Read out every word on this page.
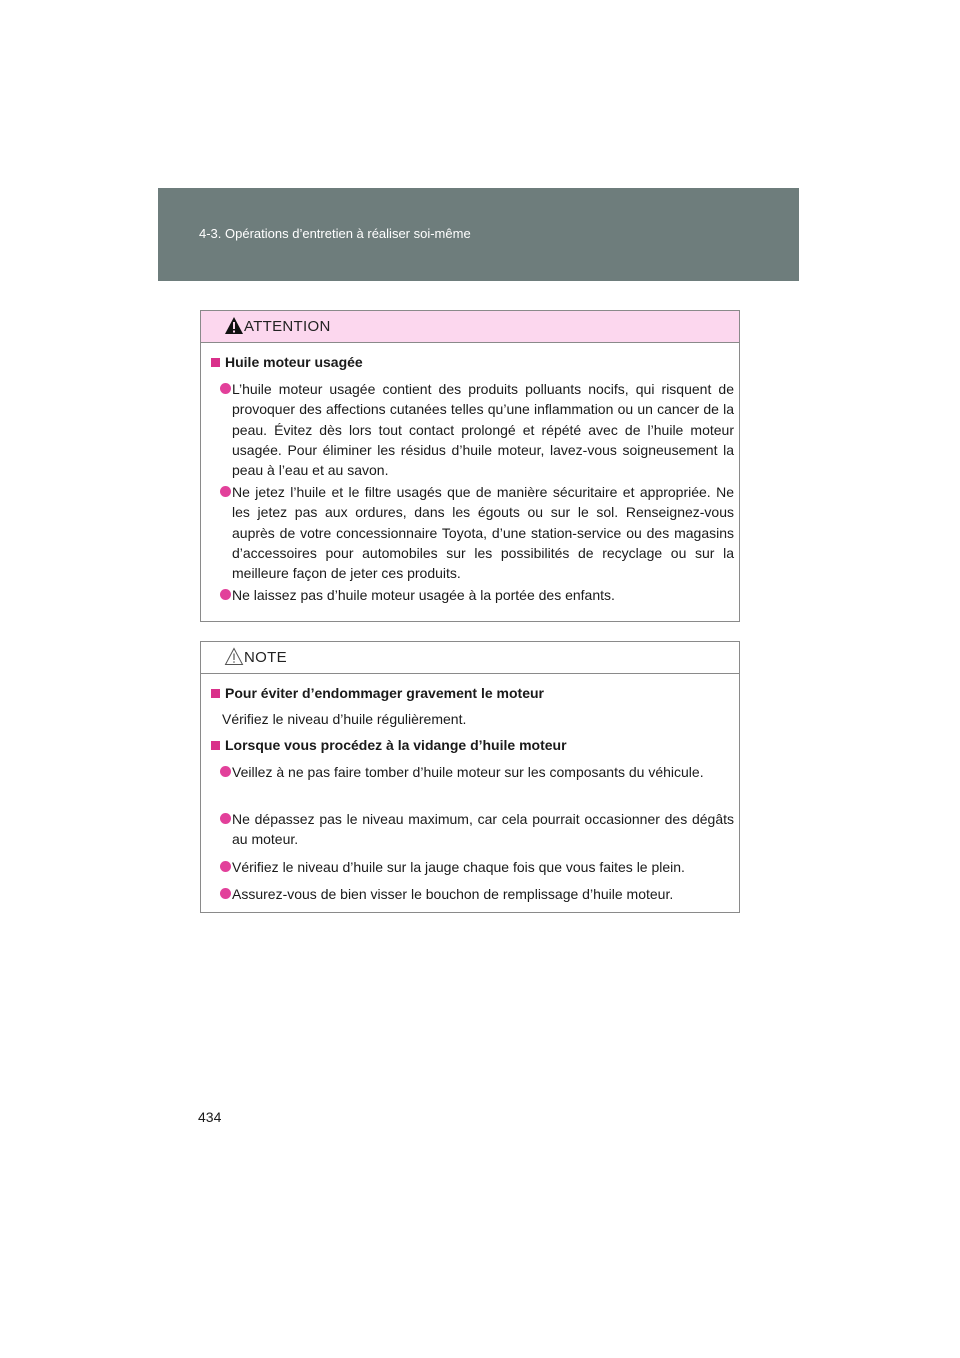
4-3. Opérations d’entretien à réaliser soi-même
ATTENTION
Huile moteur usagée
L’huile moteur usagée contient des produits polluants nocifs, qui risquent de provoquer des affections cutanées telles qu’une inflammation ou un cancer de la peau. Évitez dès lors tout contact prolongé et répété avec de l’huile moteur usagée. Pour éliminer les résidus d’huile moteur, lavez-vous soigneusement la peau à l’eau et au savon.
Ne jetez l’huile et le filtre usagés que de manière sécuritaire et appropriée. Ne les jetez pas aux ordures, dans les égouts ou sur le sol. Renseignez-vous auprès de votre concessionnaire Toyota, d’une station-service ou des magasins d’accessoires pour automobiles sur les possibilités de recyclage ou sur la meilleure façon de jeter ces produits.
Ne laissez pas d’huile moteur usagée à la portée des enfants.
NOTE
Pour éviter d’endommager gravement le moteur
Vérifiez le niveau d’huile régulièrement.
Lorsque vous procédez à la vidange d’huile moteur
Veillez à ne pas faire tomber d’huile moteur sur les composants du véhicule.
Ne dépassez pas le niveau maximum, car cela pourrait occasionner des dégâts au moteur.
Vérifiez le niveau d’huile sur la jauge chaque fois que vous faites le plein.
Assurez-vous de bien visser le bouchon de remplissage d’huile moteur.
434
